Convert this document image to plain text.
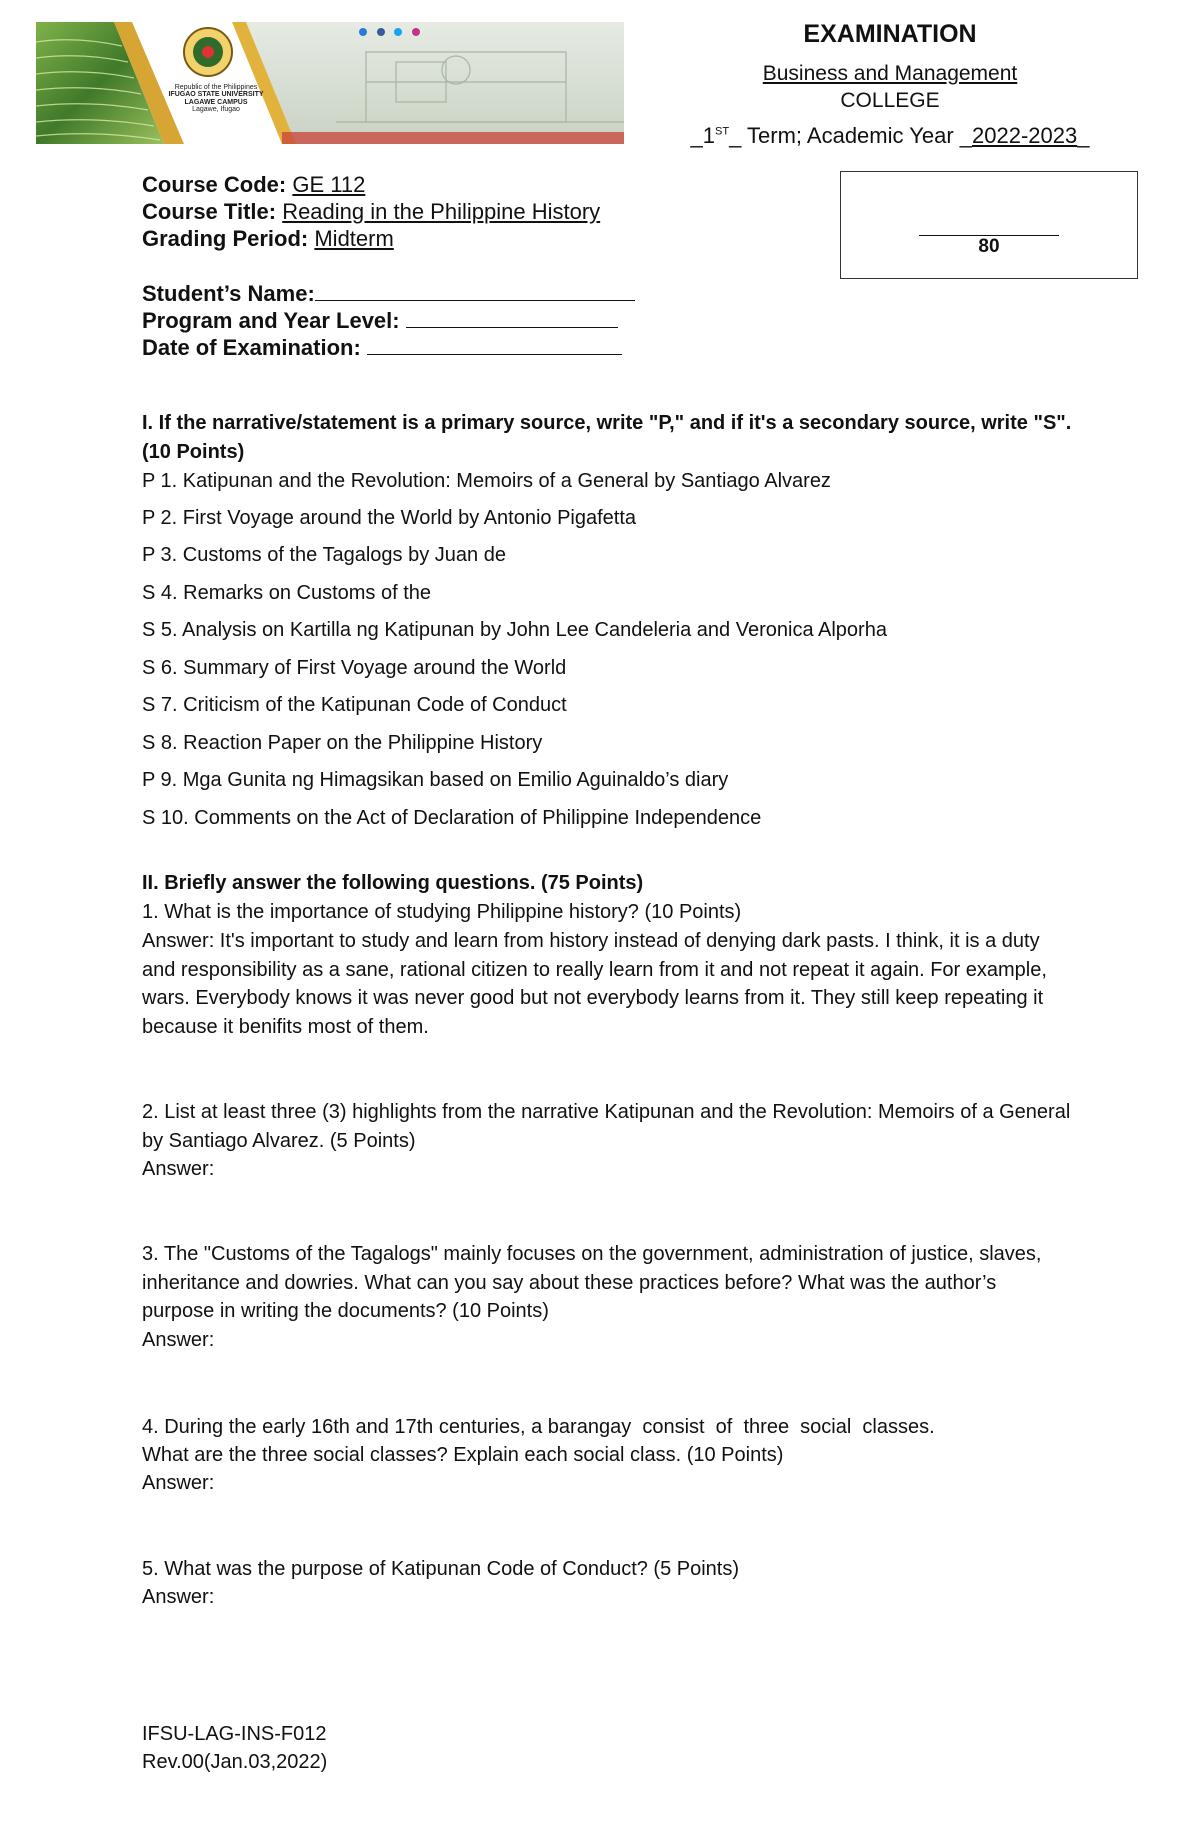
Republic of the Philippines
IFUGAO STATE UNIVERSITY
LAGAWE CAMPUS
Lagawe, Ifugao

EXAMINATION
Business and Management
COLLEGE
_1ST_ Term; Academic Year _2022-2023_
80
Course Code: GE 112
Course Title: Reading in the Philippine History
Grading Period: Midterm
Student’s Name:
Program and Year Level:
Date of Examination:
I. If the narrative/statement is a primary source, write "P," and if it's a secondary source, write "S". (10 Points)
P 1. Katipunan and the Revolution: Memoirs of a General by Santiago Alvarez
P 2. First Voyage around the World by Antonio Pigafetta
P 3. Customs of the Tagalogs by Juan de
S 4. Remarks on Customs of the
S 5. Analysis on Kartilla ng Katipunan by John Lee Candeleria and Veronica Alporha
S 6. Summary of First Voyage around the World
S 7. Criticism of the Katipunan Code of Conduct
S 8. Reaction Paper on the Philippine History
P 9. Mga Gunita ng Himagsikan based on Emilio Aguinaldo’s diary
S 10. Comments on the Act of Declaration of Philippine Independence
II. Briefly answer the following questions. (75 Points)
1. What is the importance of studying Philippine history? (10 Points)
Answer: It's important to study and learn from history instead of denying dark pasts. I think, it is a duty and responsibility as a sane, rational citizen to really learn from it and not repeat it again. For example, wars. Everybody knows it was never good but not everybody learns from it. They still keep repeating it because it benifits most of them.
2. List at least three (3) highlights from the narrative Katipunan and the Revolution: Memoirs of a General by Santiago Alvarez. (5 Points)
Answer:
3. The "Customs of the Tagalogs" mainly focuses on the government, administration of justice, slaves, inheritance and dowries. What can you say about these practices before? What was the author’s purpose in writing the documents? (10 Points)
Answer:
4. During the early 16th and 17th centuries, a barangay  consist  of  three  social  classes.
What are the three social classes? Explain each social class. (10 Points)
Answer:
5. What was the purpose of Katipunan Code of Conduct? (5 Points)
Answer:
IFSU-LAG-INS-F012
Rev.00(Jan.03,2022)
